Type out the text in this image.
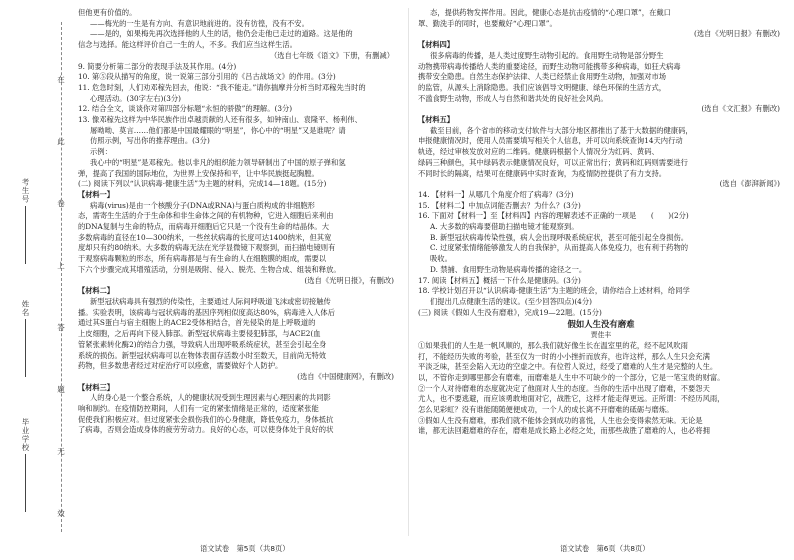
在
此
卷
上
答
题
无
效
考生号
姓名
毕业学校

但他更有价值的。

——梅光的一生是有方向、有意识地前进的。没有彷徨，没有不安。

——是的，如果梅先再次选择他的人生的话，他仍会走他已走过的道路。这是他的

信念与选择。能这样评价自己一生的人，不多。我们应当这样生活。

（选自七年级《语文》下册，有删减）

9. 简要分析第二部分的表现手法及其作用。(4分)

10. 第⑤段从描写的角度，说一说第三部分引用的《吕古战场文》的作用。(3分)

11. 危急时刻，人们劝邓稼先回去，他说：“我不能走。”请你揣摩并分析当时邓稼先当时的

心理活动。(30字左右)(3分)

12. 结合全文，谈谈你对第四部分标题“永恒的骄傲”的理解。(3分)

13. 像邓稼先这样为中华民族作出卓越贡献的人还有很多，如钟南山、袁隆平、杨利伟、

屠呦呦、莫言……他们都是中国最耀眼的“明星”，你心中的“明星”又是谁呢？请

仿照示例，写出你的推荐理由。(3分)

示例：

我心中的“明星”是邓稼先。他以非凡的组织能力领导研制出了中国的原子弹和氢

弹，提高了我国的国际地位，为世界上安保持和平，让中华民族挺起胸膛。

(二) 阅读下列以“认识病毒·健康生活”为主题的材料，完成14—18题。(15分)

【材料一】

病毒(virus)是由一个核酸分子(DNA或RNA)与蛋白质构成的非细胞形

态，需寄生生活的介于生命体和非生命体之间的有机物种，它进入细胞后来利由

的DNA复制与生命的特点，而病毒开细胞后它只是一个没有生命的结晶体。大

多数病毒的直径在10—300纳米，一些丝状病毒的长度可达1400纳米，但其宽

度却只有约80纳米。大多数的病毒无法在光学显微镜下观察到，而扫描电镜则有

于观察病毒颗粒的形态，所有病毒都是与有生命的人在细胞膜的组成，需要以

下六个步骤完成其增殖活动，分别是吸附、侵入、脱壳、生物合成、组装和释放。

(选自《光明日报》，有删改)

【材料二】

新型冠状病毒具有强烈的传染性，主要通过人际间呼吸道飞沫或密切接触传

播。实验表明，该病毒与冠状病毒的基因序列相似度高达80%，病毒进入人体后

通过其S蛋白与宿主细胞上的ACE2受体相结合，首先侵染的是上呼吸道的

上皮细胞，之后再向下侵入肺部。新型冠状病毒主要侵犯肺部，与ACE2(血

管紧张素转化酶2)的结合力强，导致病人出现呼吸系统症状，甚至会引起全身

系统的损伤。新型冠状病毒可以在物体表面存活数小时至数天，目前尚无特效

药物，但多数患者经过对症治疗可以痊愈，需要做好个人防护。

(选自《中国健康网》，有删改)

【材料三】

人的身心是一个整合系统，人的健康状况受到生理因素与心理因素的共同影

响和制约。在疫情防控期间，人们有一定的紧张情绪是正常的，适度紧张能

促使我们积极应对。但过度紧张会损伤我们的心身健康，降低免疫力，身体抵抗

了病毒，否则会造成身体的疲劳劳动力。良好的心态，可以使身体处于良好的状

态，提供药物发挥作用。因此，健康心态是抗击疫情的“心理口罩”，在戴口

罩、勤洗手的同时，也要戴好“心理口罩”。

(选自《光明日报》有删改)

【材料四】

很多病毒的传播，是人类过度野生动物引起的。食用野生动物是部分野生

动物携带病毒传播给人类的重要途径，而野生动物可能携带多种病毒，如狂犬病毒

携带安全隐患。自然生态保护法律、人类已经禁止食用野生动物，加强对市场

的监管，从源头上消除隐患。我们应该倡导文明健康、绿色环保的生活方式，

不滥食野生动物，形成人与自然和谐共处的良好社会风尚。

(选自《文汇报》有删改)

【材料五】

截至目前，各个省市的移动支付软件与大部分地区都推出了基于大数据的健康码，

申报健康情况时，使用人员需要填写相关个人信息，并可以向系统查询14天内行动

轨迹，经过审核发放对应的二维码。健康码根据个人情况分为红码、黄码、

绿码三种颜色，其中绿码表示健康情况良好，可以正常出行；黄码和红码则需要进行

不同时长的隔离，结果可在健康码中实时查询，为疫情防控提供了有力支持。

(选自《澎湃新闻》)

14. 【材料一】从哪几个角度介绍了病毒？(3分)

15. 【材料二】中加点词能否删去？为什么？(3分)

16. 下面对【材料一】至【材料四】内容的理解表述不正确的一项是　　(　　)(2分)

A. 大多数的病毒要借助扫描电镜才能观察到。

B. 新型冠状病毒传染性强，病人会出现呼吸系统症状，甚至可能引起全身损伤。

C. 过度紧张情绪能够激发人的自我保护，从而提高人体免疫力，也有利于药物的

吸收。

D. 禁捕、食用野生动物是病毒传播的途径之一。

17. 阅读【材料五】概括一下什么是健康码。(3分)

18. 学校计划召开以“认识病毒·健康生活”为主题的班会，请你结合上述材料，给同学

们提出几点健康生活的建议。(至少回答四点)(4分)

(三) 阅读《假如人生没有磨难》，完成19—22题。(15分)

假如人生没有磨难
贾佳丰

①如果我们的人生是一帆风顺的，那么我们就好像生长在温室里的花，经不起风吹雨

打，不能经历失败的考验，甚至仅为一时的小小挫折而放弃，也许这样，那么人生只会充满

平淡乏味，甚至会陷入无边的空虚之中。有位哲人说过，经受了磨难的人生才是完整的人生。

以，不管你走到哪里都会有磨难，而磨难是人生中不可缺少的一个部分，它是一笔宝贵的财富。

②一个人对待磨难的态度就决定了他面对人生的态度。当你的生活中出现了磨难，不要怨天

尤人，也不要逃避，而应该勇敢地面对它，战胜它，这样才能走得更远。正所谓：不经历风雨，

怎么见彩虹？没有谁能随随便便成功，一个人的成长离不开磨难的砥砺与磨炼。

③假如人生没有磨难，那我们就不能体会到成功的喜悦，人生也会变得索然无味。无论是

谁，都无法回避磨难的存在，磨难是成长路上必经之处，而那些战胜了磨难的人，也必将拥

语文试卷　第5页（共8页）	语文试卷　第6页（共8页）
